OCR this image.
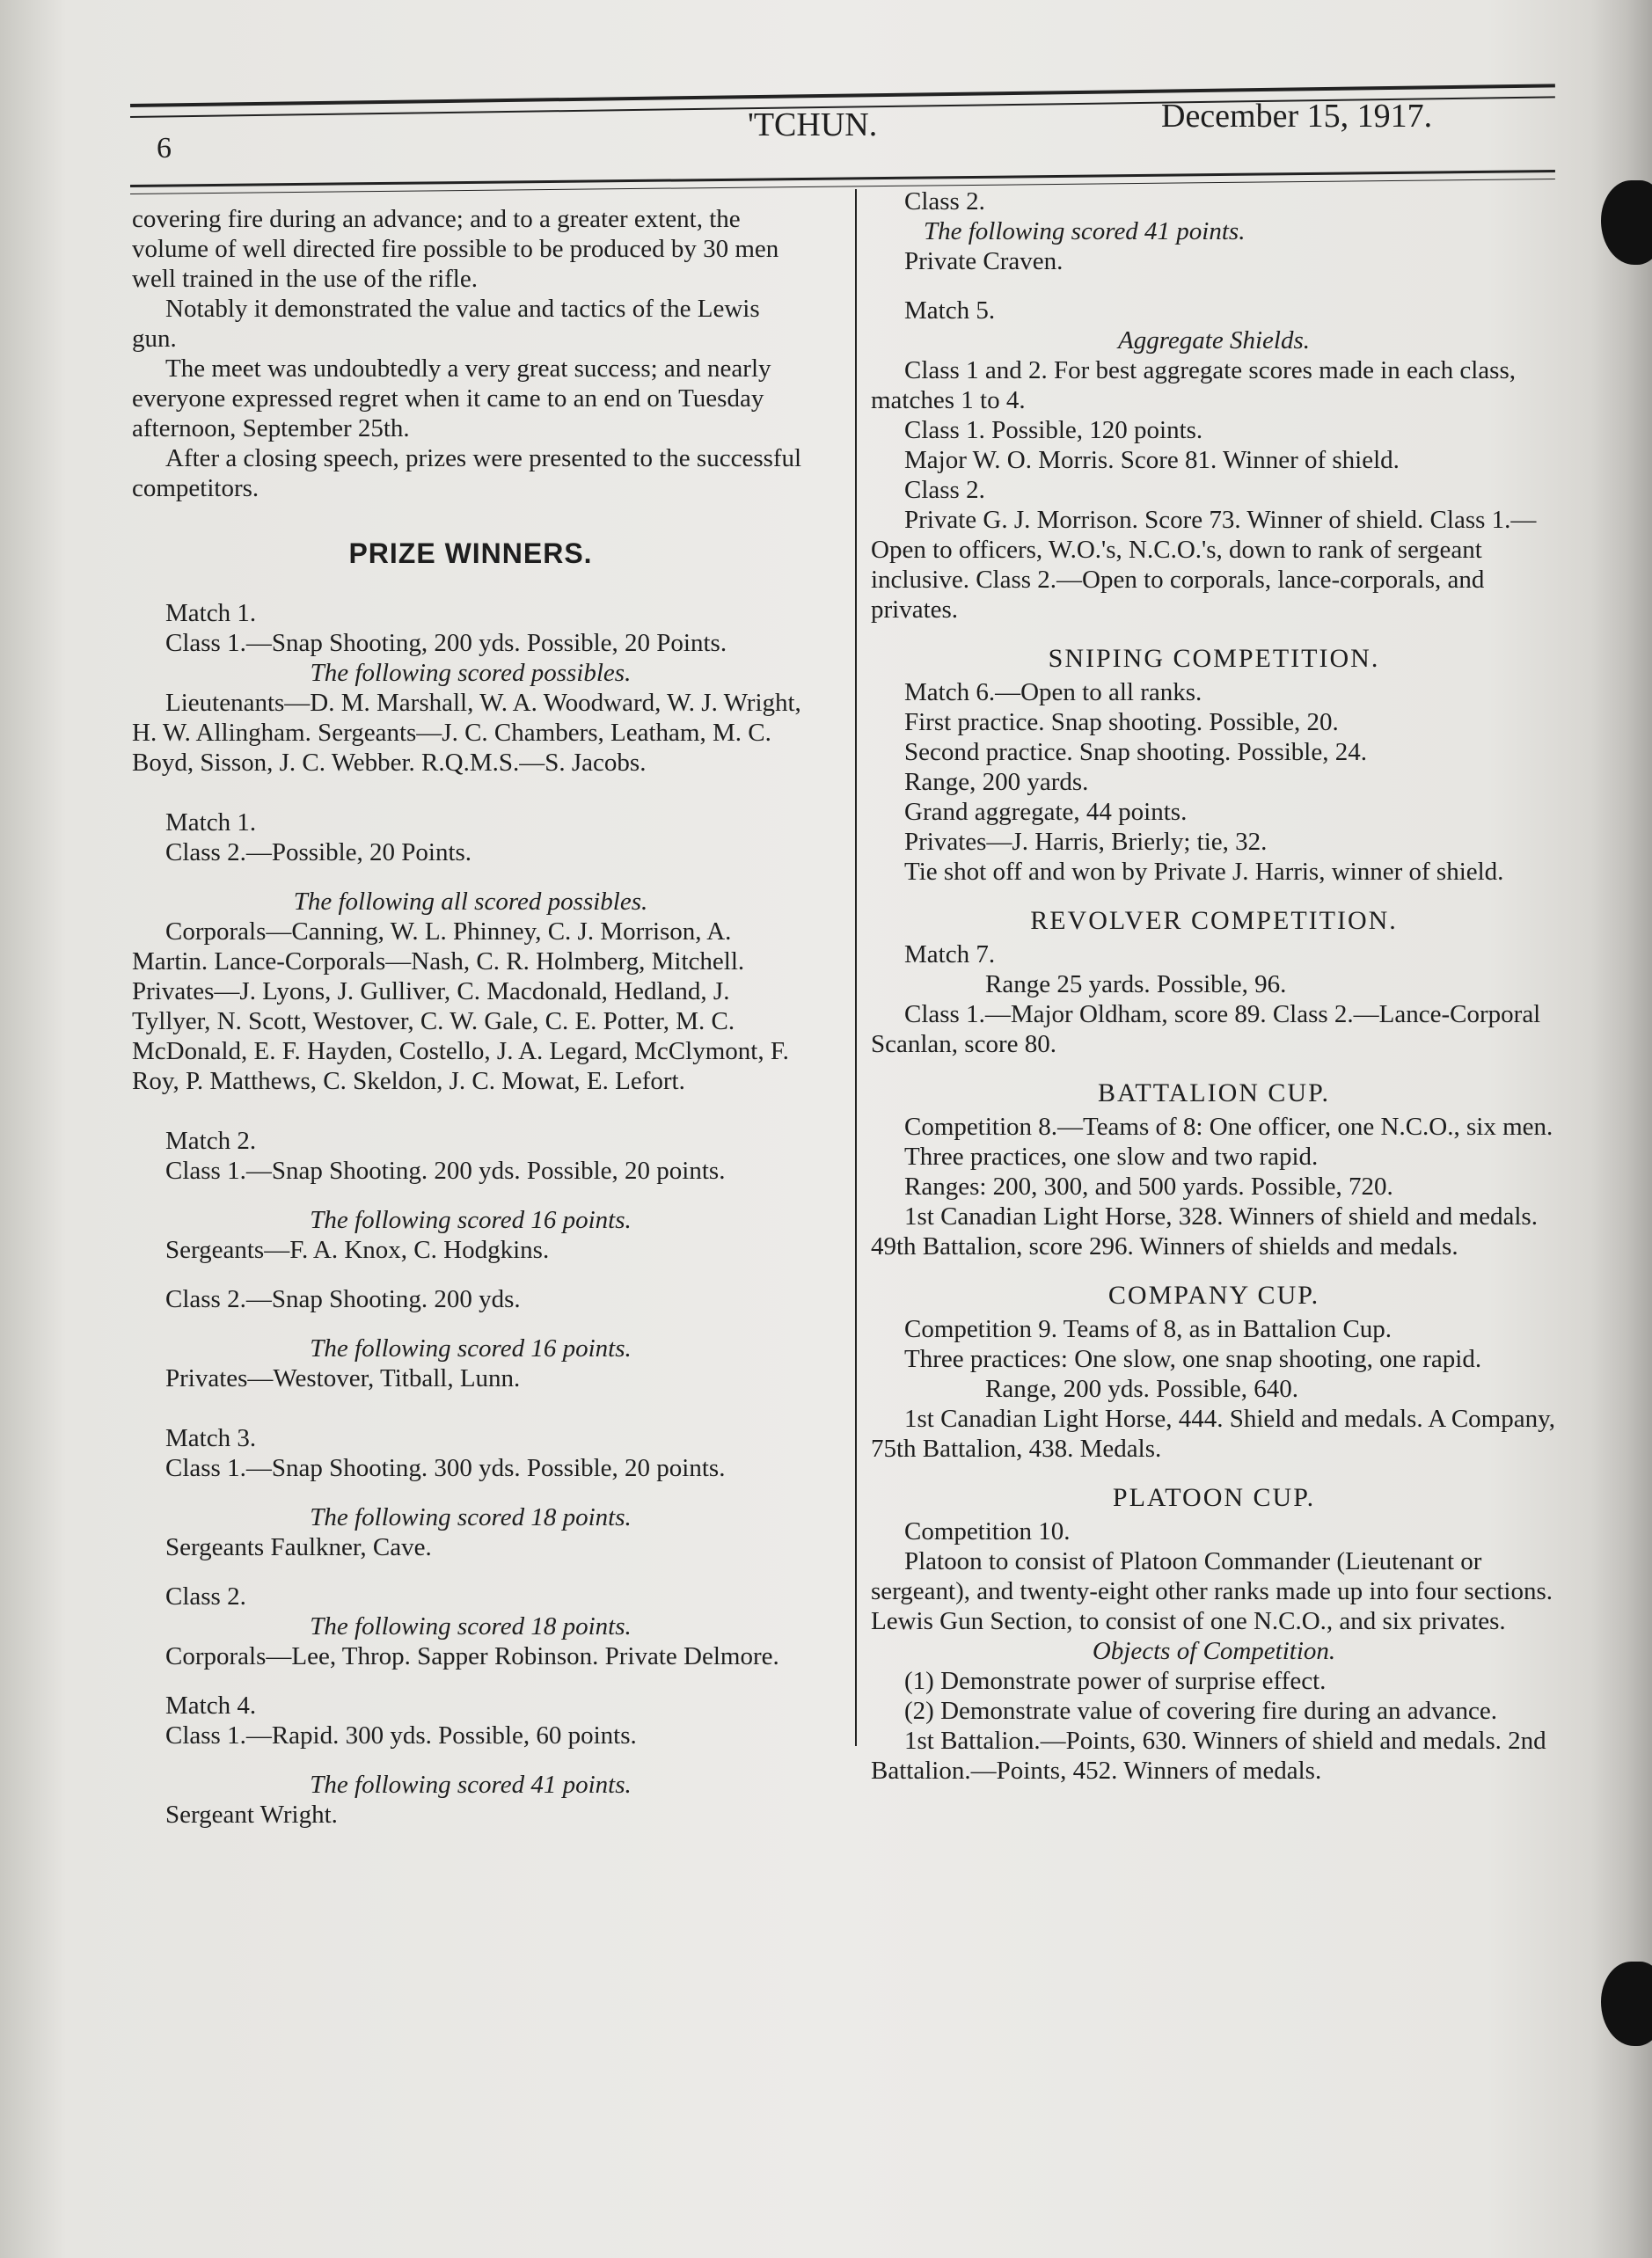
6
'TCHUN.	December 15, 1917.

covering fire during an advance; and to a greater extent, the volume of well directed fire possible to be produced by 30 men well trained in the use of the rifle.

Notably it demonstrated the value and tactics of the Lewis gun.

The meet was undoubtedly a very great success; and nearly everyone expressed regret when it came to an end on Tuesday afternoon, September 25th.

After a closing speech, prizes were presented to the successful competitors.

PRIZE WINNERS.

Match 1.

Class 1.—Snap Shooting, 200 yds. Possible, 20 Points.

The following scored possibles.

Lieutenants—D. M. Marshall, W. A. Woodward, W. J. Wright, H. W. Allingham. Sergeants—J. C. Chambers, Leatham, M. C. Boyd, Sisson, J. C. Webber. R.Q.M.S.—S. Jacobs.

Match 1.

Class 2.—Possible, 20 Points.

The following all scored possibles.

Corporals—Canning, W. L. Phinney, C. J. Morrison, A. Martin. Lance-Corporals—Nash, C. R. Holmberg, Mitchell. Privates—J. Lyons, J. Gulliver, C. Macdonald, Hedland, J. Tyllyer, N. Scott, Westover, C. W. Gale, C. E. Potter, M. C. McDonald, E. F. Hayden, Costello, J. A. Legard, McClymont, F. Roy, P. Matthews, C. Skeldon, J. C. Mowat, E. Lefort.

Match 2.

Class 1.—Snap Shooting. 200 yds. Possible, 20 points.

The following scored 16 points.

Sergeants—F. A. Knox, C. Hodgkins.

Class 2.—Snap Shooting. 200 yds.

The following scored 16 points.

Privates—Westover, Titball, Lunn.

Match 3.

Class 1.—Snap Shooting. 300 yds. Possible, 20 points.

The following scored 18 points.

Sergeants Faulkner, Cave.

Class 2.

The following scored 18 points.

Corporals—Lee, Throp. Sapper Robinson. Private Delmore.

Match 4.

Class 1.—Rapid. 300 yds. Possible, 60 points.

The following scored 41 points.

Sergeant Wright.

Class 2.

The following scored 41 points.

Private Craven.

Match 5.

Aggregate Shields.

Class 1 and 2. For best aggregate scores made in each class, matches 1 to 4.

Class 1. Possible, 120 points.

Major W. O. Morris. Score 81. Winner of shield.

Class 2.

Private G. J. Morrison. Score 73. Winner of shield. Class 1.—Open to officers, W.O.'s, N.C.O.'s, down to rank of sergeant inclusive. Class 2.—Open to corporals, lance-corporals, and privates.

SNIPING COMPETITION.

Match 6.—Open to all ranks.

First practice. Snap shooting. Possible, 20.

Second practice. Snap shooting. Possible, 24.

Range, 200 yards.

Grand aggregate, 44 points.

Privates—J. Harris, Brierly; tie, 32.

Tie shot off and won by Private J. Harris, winner of shield.

REVOLVER COMPETITION.

Match 7.

Range 25 yards. Possible, 96.

Class 1.—Major Oldham, score 89. Class 2.—Lance-Corporal Scanlan, score 80.

BATTALION CUP.

Competition 8.—Teams of 8: One officer, one N.C.O., six men.

Three practices, one slow and two rapid.

Ranges: 200, 300, and 500 yards. Possible, 720.

1st Canadian Light Horse, 328. Winners of shield and medals. 49th Battalion, score 296. Winners of shields and medals.

COMPANY CUP.

Competition 9. Teams of 8, as in Battalion Cup.

Three practices: One slow, one snap shooting, one rapid.

Range, 200 yds. Possible, 640.

1st Canadian Light Horse, 444. Shield and medals. A Company, 75th Battalion, 438. Medals.

PLATOON CUP.

Competition 10.

Platoon to consist of Platoon Commander (Lieutenant or sergeant), and twenty-eight other ranks made up into four sections. Lewis Gun Section, to consist of one N.C.O., and six privates.

Objects of Competition.

(1) Demonstrate power of surprise effect.

(2) Demonstrate value of covering fire during an advance.

1st Battalion.—Points, 630. Winners of shield and medals. 2nd Battalion.—Points, 452. Winners of medals.
